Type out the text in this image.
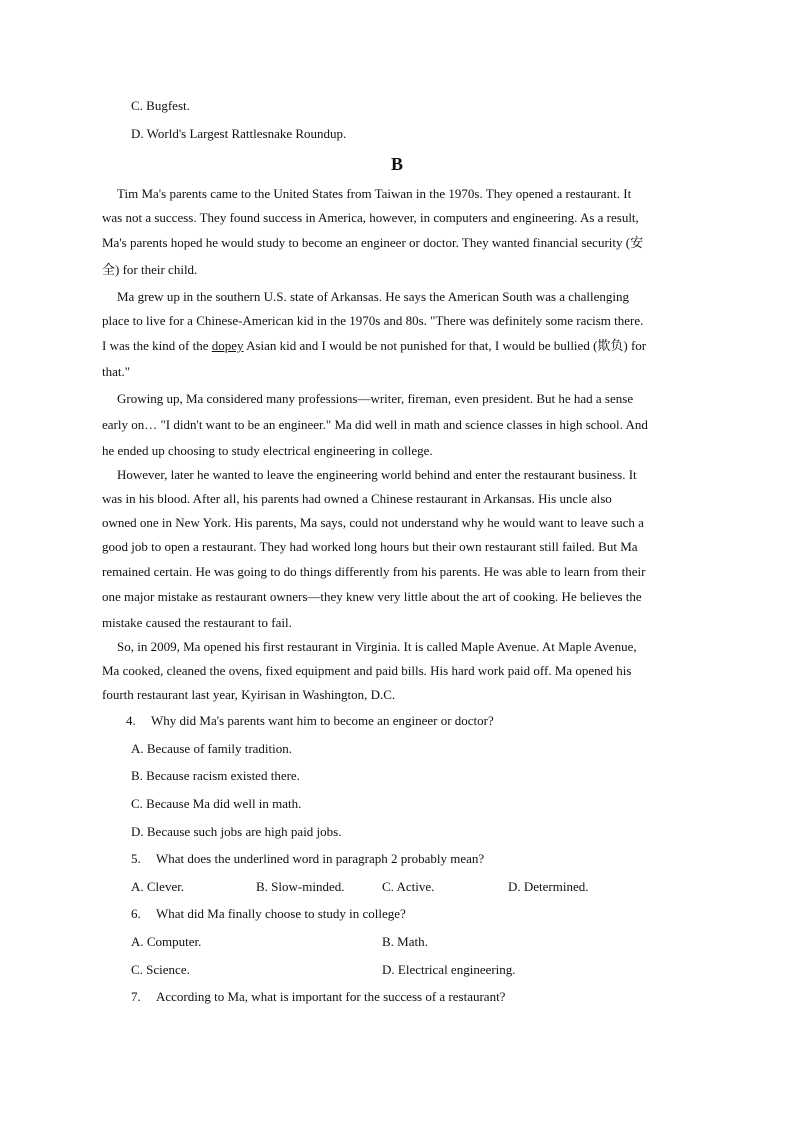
C. Bugfest.
D. World's Largest Rattlesnake Roundup.
B
Tim Ma's parents came to the United States from Taiwan in the 1970s. They opened a restaurant. It
was not a success. They found success in America, however, in computers and engineering. As a result,
Ma's parents hoped he would study to become an engineer or doctor. They wanted financial security (安
全) for their child.
Ma grew up in the southern U.S. state of Arkansas. He says the American South was a challenging
place to live for a Chinese-American kid in the 1970s and 80s. "There was definitely some racism there.
I was the kind of the dopey Asian kid and I would be not punished for that, I would be bullied (欺负) for
that."
Growing up, Ma considered many professions—writer, fireman, even president. But he had a sense
early on… "I didn't want to be an engineer." Ma did well in math and science classes in high school. And
he ended up choosing to study electrical engineering in college.
However, later he wanted to leave the engineering world behind and enter the restaurant business. It
was in his blood. After all, his parents had owned a Chinese restaurant in Arkansas. His uncle also
owned one in New York. His parents, Ma says, could not understand why he would want to leave such a
good job to open a restaurant. They had worked long hours but their own restaurant still failed. But Ma
remained certain. He was going to do things differently from his parents. He was able to learn from their
one major mistake as restaurant owners—they knew very little about the art of cooking. He believes the
mistake caused the restaurant to fail.
So, in 2009, Ma opened his first restaurant in Virginia. It is called Maple Avenue. At Maple Avenue,
Ma cooked, cleaned the ovens, fixed equipment and paid bills. His hard work paid off. Ma opened his
fourth restaurant last year, Kyirisan in Washington, D.C.
4. Why did Ma's parents want him to become an engineer or doctor?
A. Because of family tradition.
B. Because racism existed there.
C. Because Ma did well in math.
D. Because such jobs are high paid jobs.
5. What does the underlined word in paragraph 2 probably mean?
A. Clever.	B. Slow-minded.	C. Active.	D. Determined.
6. What did Ma finally choose to study in college?
A. Computer.	B. Math.
C. Science.	D. Electrical engineering.
7. According to Ma, what is important for the success of a restaurant?
